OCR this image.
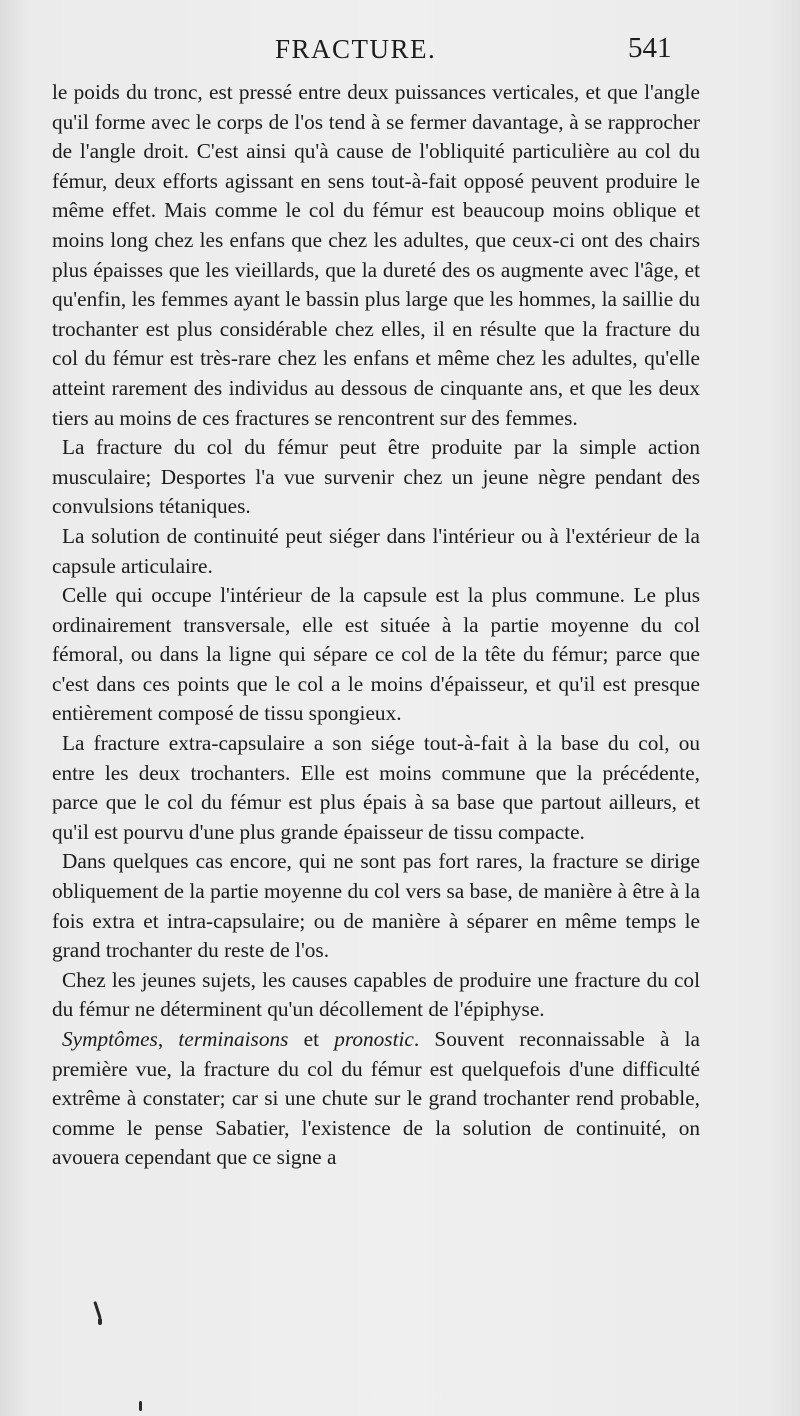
FRACTURE.	541

le poids du tronc, est pressé entre deux puissances verticales, et que l'angle qu'il forme avec le corps de l'os tend à se fermer davantage, à se rapprocher de l'angle droit. C'est ainsi qu'à cause de l'obliquité particulière au col du fémur, deux efforts agissant en sens tout-à-fait opposé peuvent produire le même effet. Mais comme le col du fémur est beaucoup moins oblique et moins long chez les enfans que chez les adultes, que ceux-ci ont des chairs plus épaisses que les vieillards, que la dureté des os augmente avec l'âge, et qu'enfin, les femmes ayant le bassin plus large que les hommes, la saillie du trochanter est plus considérable chez elles, il en résulte que la fracture du col du fémur est très-rare chez les enfans et même chez les adultes, qu'elle atteint rarement des individus au dessous de cinquante ans, et que les deux tiers au moins de ces fractures se rencontrent sur des femmes.

La fracture du col du fémur peut être produite par la simple action musculaire; Desportes l'a vue survenir chez un jeune nègre pendant des convulsions tétaniques.

La solution de continuité peut siéger dans l'intérieur ou à l'extérieur de la capsule articulaire.

Celle qui occupe l'intérieur de la capsule est la plus commune. Le plus ordinairement transversale, elle est située à la partie moyenne du col fémoral, ou dans la ligne qui sépare ce col de la tête du fémur; parce que c'est dans ces points que le col a le moins d'épaisseur, et qu'il est presque entièrement composé de tissu spongieux.

La fracture extra-capsulaire a son siége tout-à-fait à la base du col, ou entre les deux trochanters. Elle est moins commune que la précédente, parce que le col du fémur est plus épais à sa base que partout ailleurs, et qu'il est pourvu d'une plus grande épaisseur de tissu compacte.

Dans quelques cas encore, qui ne sont pas fort rares, la fracture se dirige obliquement de la partie moyenne du col vers sa base, de manière à être à la fois extra et intra-capsulaire; ou de manière à séparer en même temps le grand trochanter du reste de l'os.

Chez les jeunes sujets, les causes capables de produire une fracture du col du fémur ne déterminent qu'un décollement de l'épiphyse.

Symptômes, terminaisons et pronostic. Souvent reconnaissable à la première vue, la fracture du col du fémur est quelquefois d'une difficulté extrême à constater; car si une chute sur le grand trochanter rend probable, comme le pense Sabatier, l'existence de la solution de continuité, on avouera cependant que ce signe a
